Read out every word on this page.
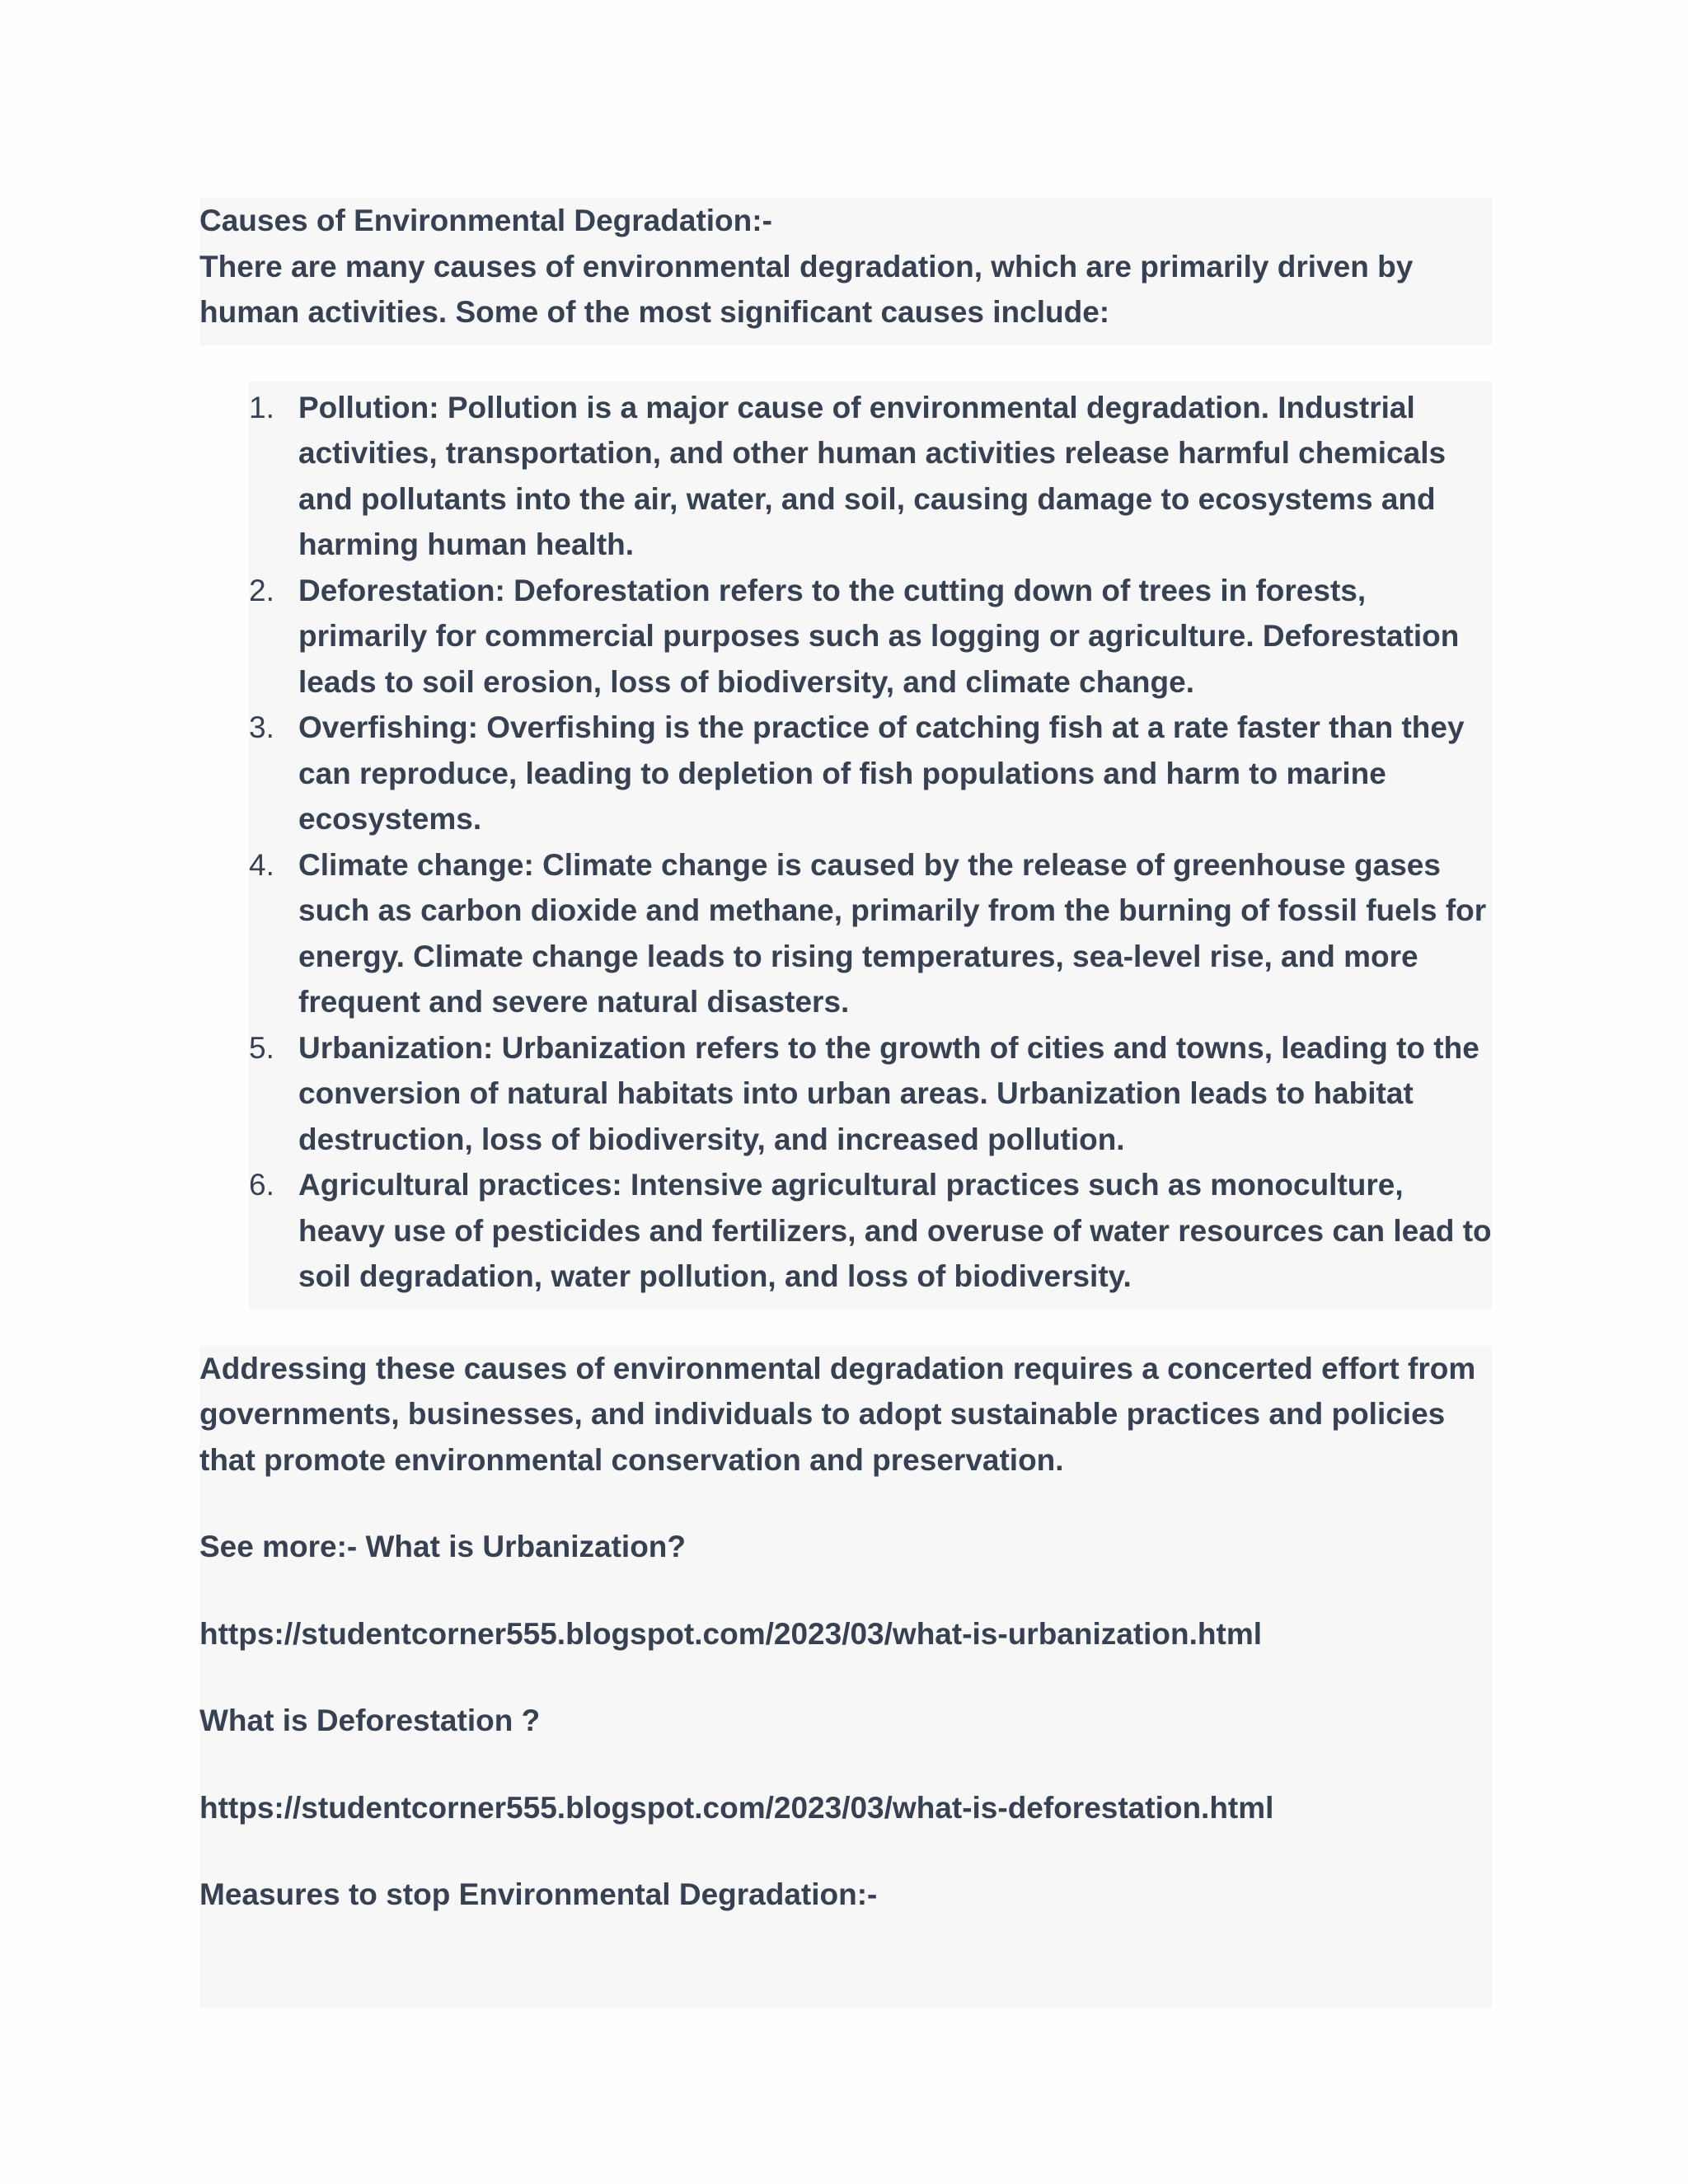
Causes of Environmental Degradation:-

There are many causes of environmental degradation, which are primarily driven by human activities. Some of the most significant causes include:

1. Pollution: Pollution is a major cause of environmental degradation. Industrial activities, transportation, and other human activities release harmful chemicals and pollutants into the air, water, and soil, causing damage to ecosystems and harming human health.
2. Deforestation: Deforestation refers to the cutting down of trees in forests, primarily for commercial purposes such as logging or agriculture. Deforestation leads to soil erosion, loss of biodiversity, and climate change.
3. Overfishing: Overfishing is the practice of catching fish at a rate faster than they can reproduce, leading to depletion of fish populations and harm to marine ecosystems.
4. Climate change: Climate change is caused by the release of greenhouse gases such as carbon dioxide and methane, primarily from the burning of fossil fuels for energy. Climate change leads to rising temperatures, sea-level rise, and more frequent and severe natural disasters.
5. Urbanization: Urbanization refers to the growth of cities and towns, leading to the conversion of natural habitats into urban areas. Urbanization leads to habitat destruction, loss of biodiversity, and increased pollution.
6. Agricultural practices: Intensive agricultural practices such as monoculture, heavy use of pesticides and fertilizers, and overuse of water resources can lead to soil degradation, water pollution, and loss of biodiversity.

Addressing these causes of environmental degradation requires a concerted effort from governments, businesses, and individuals to adopt sustainable practices and policies that promote environmental conservation and preservation.

See more:- What is Urbanization?

https://studentcorner555.blogspot.com/2023/03/what-is-urbanization.html

What is Deforestation ?

https://studentcorner555.blogspot.com/2023/03/what-is-deforestation.html

Measures to stop Environmental Degradation:-
